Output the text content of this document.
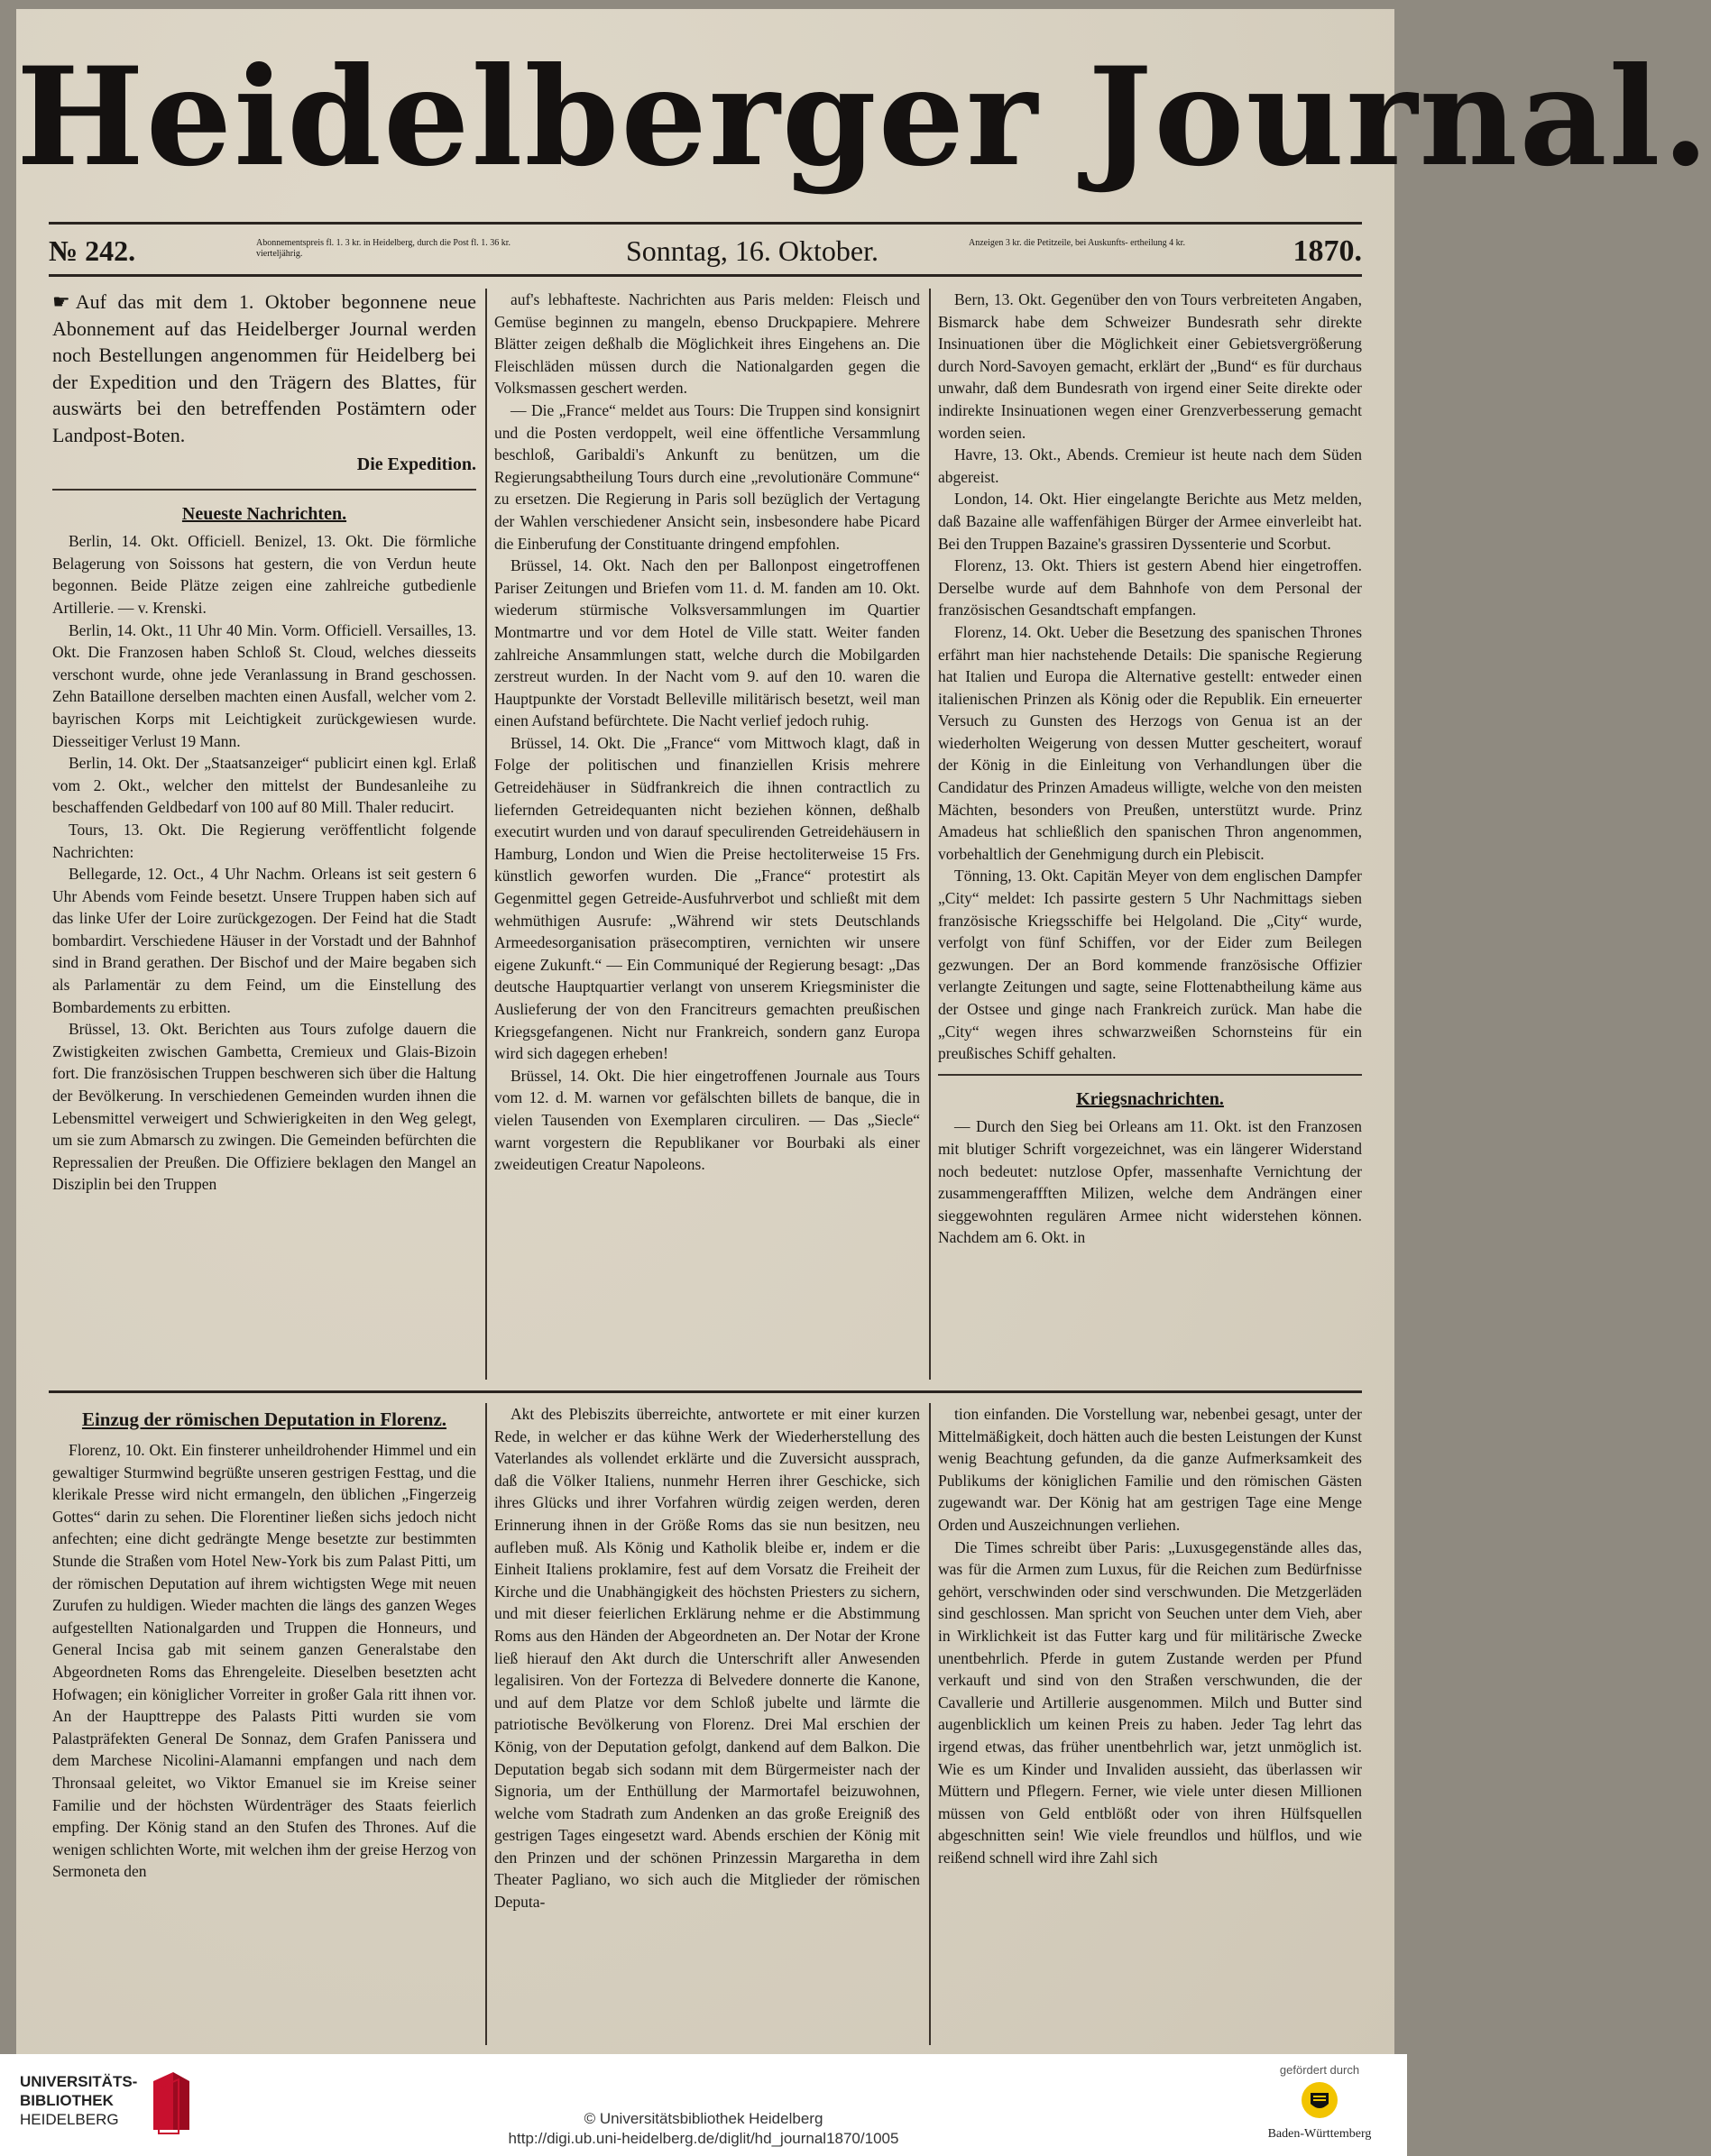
Heidelberger Journal.
№ 242.	Abonnementspreis fl. 1. 3 kr. in Heidelberg, durch die Post fl. 1. 36 kr. vierteljährig.	Sonntag, 16. Oktober.	Anzeigen 3 kr. die Petitzeile, bei Auskunfts- ertheilung 4 kr.	1870.

☛ Auf das mit dem 1. Oktober begonnene neue Abonnement auf das Heidelberger Journal werden noch Bestellungen angenommen für Heidelberg bei der Expedition und den Trägern des Blattes, für auswärts bei den betreffenden Postämtern oder Landpost-Boten.

Die Expedition.
Neueste Nachrichten.

Berlin, 14. Okt. Officiell. Benizel, 13. Okt. Die förmliche Belagerung von Soissons hat gestern, die von Verdun heute begonnen. Beide Plätze zeigen eine zahlreiche gutbedienle Artillerie. — v. Krenski.

Berlin, 14. Okt., 11 Uhr 40 Min. Vorm. Officiell. Versailles, 13. Okt. Die Franzosen haben Schloß St. Cloud, welches diesseits verschont wurde, ohne jede Veranlassung in Brand geschossen. Zehn Bataillone derselben machten einen Ausfall, welcher vom 2. bayrischen Korps mit Leichtigkeit zurückgewiesen wurde. Diesseitiger Verlust 19 Mann.

Berlin, 14. Okt. Der „Staatsanzeiger“ publicirt einen kgl. Erlaß vom 2. Okt., welcher den mittelst der Bundesanleihe zu beschaffenden Geldbedarf von 100 auf 80 Mill. Thaler reducirt.

Tours, 13. Okt. Die Regierung veröffentlicht folgende Nachrichten:

Bellegarde, 12. Oct., 4 Uhr Nachm. Orleans ist seit gestern 6 Uhr Abends vom Feinde besetzt. Unsere Truppen haben sich auf das linke Ufer der Loire zurückgezogen. Der Feind hat die Stadt bombardirt. Verschiedene Häuser in der Vorstadt und der Bahnhof sind in Brand gerathen. Der Bischof und der Maire begaben sich als Parlamentär zu dem Feind, um die Einstellung des Bombardements zu erbitten.

Brüssel, 13. Okt. Berichten aus Tours zufolge dauern die Zwistigkeiten zwischen Gambetta, Cremieux und Glais-Bizoin fort. Die französischen Truppen beschweren sich über die Haltung der Bevölkerung. In verschiedenen Gemeinden wurden ihnen die Lebensmittel verweigert und Schwierigkeiten in den Weg gelegt, um sie zum Abmarsch zu zwingen. Die Gemeinden befürchten die Repressalien der Preußen. Die Offiziere beklagen den Mangel an Disziplin bei den Truppen

auf's lebhafteste. Nachrichten aus Paris melden: Fleisch und Gemüse beginnen zu mangeln, ebenso Druckpapiere. Mehrere Blätter zeigen deßhalb die Möglichkeit ihres Eingehens an. Die Fleischläden müssen durch die Nationalgarden gegen die Volksmassen geschert werden.

— Die „France“ meldet aus Tours: Die Truppen sind konsignirt und die Posten verdoppelt, weil eine öffentliche Versammlung beschloß, Garibaldi's Ankunft zu benützen, um die Regierungsabtheilung Tours durch eine „revolutionäre Commune“ zu ersetzen. Die Regierung in Paris soll bezüglich der Vertagung der Wahlen verschiedener Ansicht sein, insbesondere habe Picard die Einberufung der Constituante dringend empfohlen.

Brüssel, 14. Okt. Nach den per Ballonpost eingetroffenen Pariser Zeitungen und Briefen vom 11. d. M. fanden am 10. Okt. wiederum stürmische Volksversammlungen im Quartier Montmartre und vor dem Hotel de Ville statt. Weiter fanden zahlreiche Ansammlungen statt, welche durch die Mobilgarden zerstreut wurden. In der Nacht vom 9. auf den 10. waren die Hauptpunkte der Vorstadt Belleville militärisch besetzt, weil man einen Aufstand befürchtete. Die Nacht verlief jedoch ruhig.

Brüssel, 14. Okt. Die „France“ vom Mittwoch klagt, daß in Folge der politischen und finanziellen Krisis mehrere Getreidehäuser in Südfrankreich die ihnen contractlich zu liefernden Getreidequanten nicht beziehen können, deßhalb executirt wurden und von darauf speculirenden Getreidehäusern in Hamburg, London und Wien die Preise hectoliterweise 15 Frs. künstlich geworfen wurden. Die „France“ protestirt als Gegenmittel gegen Getreide-Ausfuhrverbot und schließt mit dem wehmüthigen Ausrufe: „Während wir stets Deutschlands Armeedesorganisation präsecomptiren, vernichten wir unsere eigene Zukunft.“ — Ein Communiqué der Regierung besagt: „Das deutsche Hauptquartier verlangt von unserem Kriegsminister die Auslieferung der von den Francitreurs gemachten preußischen Kriegsgefangenen. Nicht nur Frankreich, sondern ganz Europa wird sich dagegen erheben!

Brüssel, 14. Okt. Die hier eingetroffenen Journale aus Tours vom 12. d. M. warnen vor gefälschten billets de banque, die in vielen Tausenden von Exemplaren circuliren. — Das „Siecle“ warnt vorgestern die Republikaner vor Bourbaki als einer zweideutigen Creatur Napoleons.

Bern, 13. Okt. Gegenüber den von Tours verbreiteten Angaben, Bismarck habe dem Schweizer Bundesrath sehr direkte Insinuationen über die Möglichkeit einer Gebietsvergrößerung durch Nord-Savoyen gemacht, erklärt der „Bund“ es für durchaus unwahr, daß dem Bundesrath von irgend einer Seite direkte oder indirekte Insinuationen wegen einer Grenzverbesserung gemacht worden seien.

Havre, 13. Okt., Abends. Cremieur ist heute nach dem Süden abgereist.

London, 14. Okt. Hier eingelangte Berichte aus Metz melden, daß Bazaine alle waffenfähigen Bürger der Armee einverleibt hat. Bei den Truppen Bazaine's grassiren Dyssenterie und Scorbut.

Florenz, 13. Okt. Thiers ist gestern Abend hier eingetroffen. Derselbe wurde auf dem Bahnhofe von dem Personal der französischen Gesandtschaft empfangen.

Florenz, 14. Okt. Ueber die Besetzung des spanischen Thrones erfährt man hier nachstehende Details: Die spanische Regierung hat Italien und Europa die Alternative gestellt: entweder einen italienischen Prinzen als König oder die Republik. Ein erneuerter Versuch zu Gunsten des Herzogs von Genua ist an der wiederholten Weigerung von dessen Mutter gescheitert, worauf der König in die Einleitung von Verhandlungen über die Candidatur des Prinzen Amadeus willigte, welche von den meisten Mächten, besonders von Preußen, unterstützt wurde. Prinz Amadeus hat schließlich den spanischen Thron angenommen, vorbehaltlich der Genehmigung durch ein Plebiscit.

Tönning, 13. Okt. Capitän Meyer von dem englischen Dampfer „City“ meldet: Ich passirte gestern 5 Uhr Nachmittags sieben französische Kriegsschiffe bei Helgoland. Die „City“ wurde, verfolgt von fünf Schiffen, vor der Eider zum Beilegen gezwungen. Der an Bord kommende französische Offizier verlangte Zeitungen und sagte, seine Flottenabtheilung käme aus der Ostsee und ginge nach Frankreich zurück. Man habe die „City“ wegen ihres schwarzweißen Schornsteins für ein preußisches Schiff gehalten.

Kriegsnachrichten.

— Durch den Sieg bei Orleans am 11. Okt. ist den Franzosen mit blutiger Schrift vorgezeichnet, was ein längerer Widerstand noch bedeutet: nutzlose Opfer, massenhafte Vernichtung der zusammengeraffften Milizen, welche dem Andrängen einer sieggewohnten regulären Armee nicht widerstehen können. Nachdem am 6. Okt. in

Einzug der römischen Deputation in Florenz.

Florenz, 10. Okt. Ein finsterer unheildrohender Himmel und ein gewaltiger Sturmwind begrüßte unseren gestrigen Festtag, und die klerikale Presse wird nicht ermangeln, den üblichen „Fingerzeig Gottes“ darin zu sehen. Die Florentiner ließen sichs jedoch nicht anfechten; eine dicht gedrängte Menge besetzte zur bestimmten Stunde die Straßen vom Hotel New-York bis zum Palast Pitti, um der römischen Deputation auf ihrem wichtigsten Wege mit neuen Zurufen zu huldigen. Wieder machten die längs des ganzen Weges aufgestellten Nationalgarden und Truppen die Honneurs, und General Incisa gab mit seinem ganzen Generalstabe den Abgeordneten Roms das Ehrengeleite. Dieselben besetzten acht Hofwagen; ein königlicher Vorreiter in großer Gala ritt ihnen vor. An der Haupttreppe des Palasts Pitti wurden sie vom Palastpräfekten General De Sonnaz, dem Grafen Panissera und dem Marchese Nicolini-Alamanni empfangen und nach dem Thronsaal geleitet, wo Viktor Emanuel sie im Kreise seiner Familie und der höchsten Würdenträger des Staats feierlich empfing. Der König stand an den Stufen des Thrones. Auf die wenigen schlichten Worte, mit welchen ihm der greise Herzog von Sermoneta den

Akt des Plebiszits überreichte, antwortete er mit einer kurzen Rede, in welcher er das kühne Werk der Wiederherstellung des Vaterlandes als vollendet erklärte und die Zuversicht aussprach, daß die Völker Italiens, nunmehr Herren ihrer Geschicke, sich ihres Glücks und ihrer Vorfahren würdig zeigen werden, deren Erinnerung ihnen in der Größe Roms das sie nun besitzen, neu aufleben muß. Als König und Katholik bleibe er, indem er die Einheit Italiens proklamire, fest auf dem Vorsatz die Freiheit der Kirche und die Unabhängigkeit des höchsten Priesters zu sichern, und mit dieser feierlichen Erklärung nehme er die Abstimmung Roms aus den Händen der Abgeordneten an. Der Notar der Krone ließ hierauf den Akt durch die Unterschrift aller Anwesenden legalisiren. Von der Fortezza di Belvedere donnerte die Kanone, und auf dem Platze vor dem Schloß jubelte und lärmte die patriotische Bevölkerung von Florenz. Drei Mal erschien der König, von der Deputation gefolgt, dankend auf dem Balkon. Die Deputation begab sich sodann mit dem Bürgermeister nach der Signoria, um der Enthüllung der Marmortafel beizuwohnen, welche vom Stadrath zum Andenken an das große Ereigniß des gestrigen Tages eingesetzt ward. Abends erschien der König mit den Prinzen und der schönen Prinzessin Margaretha in dem Theater Pagliano, wo sich auch die Mitglieder der römischen Deputa-

tion einfanden. Die Vorstellung war, nebenbei gesagt, unter der Mittelmäßigkeit, doch hätten auch die besten Leistungen der Kunst wenig Beachtung gefunden, da die ganze Aufmerksamkeit des Publikums der königlichen Familie und den römischen Gästen zugewandt war. Der König hat am gestrigen Tage eine Menge Orden und Auszeichnungen verliehen.

Die Times schreibt über Paris: „Luxusgegenstände alles das, was für die Armen zum Luxus, für die Reichen zum Bedürfnisse gehört, verschwinden oder sind verschwunden. Die Metzgerläden sind geschlossen. Man spricht von Seuchen unter dem Vieh, aber in Wirklichkeit ist das Futter karg und für militärische Zwecke unentbehrlich. Pferde in gutem Zustande werden per Pfund verkauft und sind von den Straßen verschwunden, die der Cavallerie und Artillerie ausgenommen. Milch und Butter sind augenblicklich um keinen Preis zu haben. Jeder Tag lehrt das irgend etwas, das früher unentbehrlich war, jetzt unmöglich ist. Wie es um Kinder und Invaliden aussieht, das überlassen wir Müttern und Pflegern. Ferner, wie viele unter diesen Millionen müssen von Geld entblößt oder von ihren Hülfsquellen abgeschnitten sein! Wie viele freundlos und hülflos, und wie reißend schnell wird ihre Zahl sich

UNIVERSITÄTS-
BIBLIOTHEK
HEIDELBERG	© Universitätsbibliothek Heidelberg
http://digi.ub.uni-heidelberg.de/diglit/hd_journal1870/1005
gefördert durch
Baden-Württemberg
